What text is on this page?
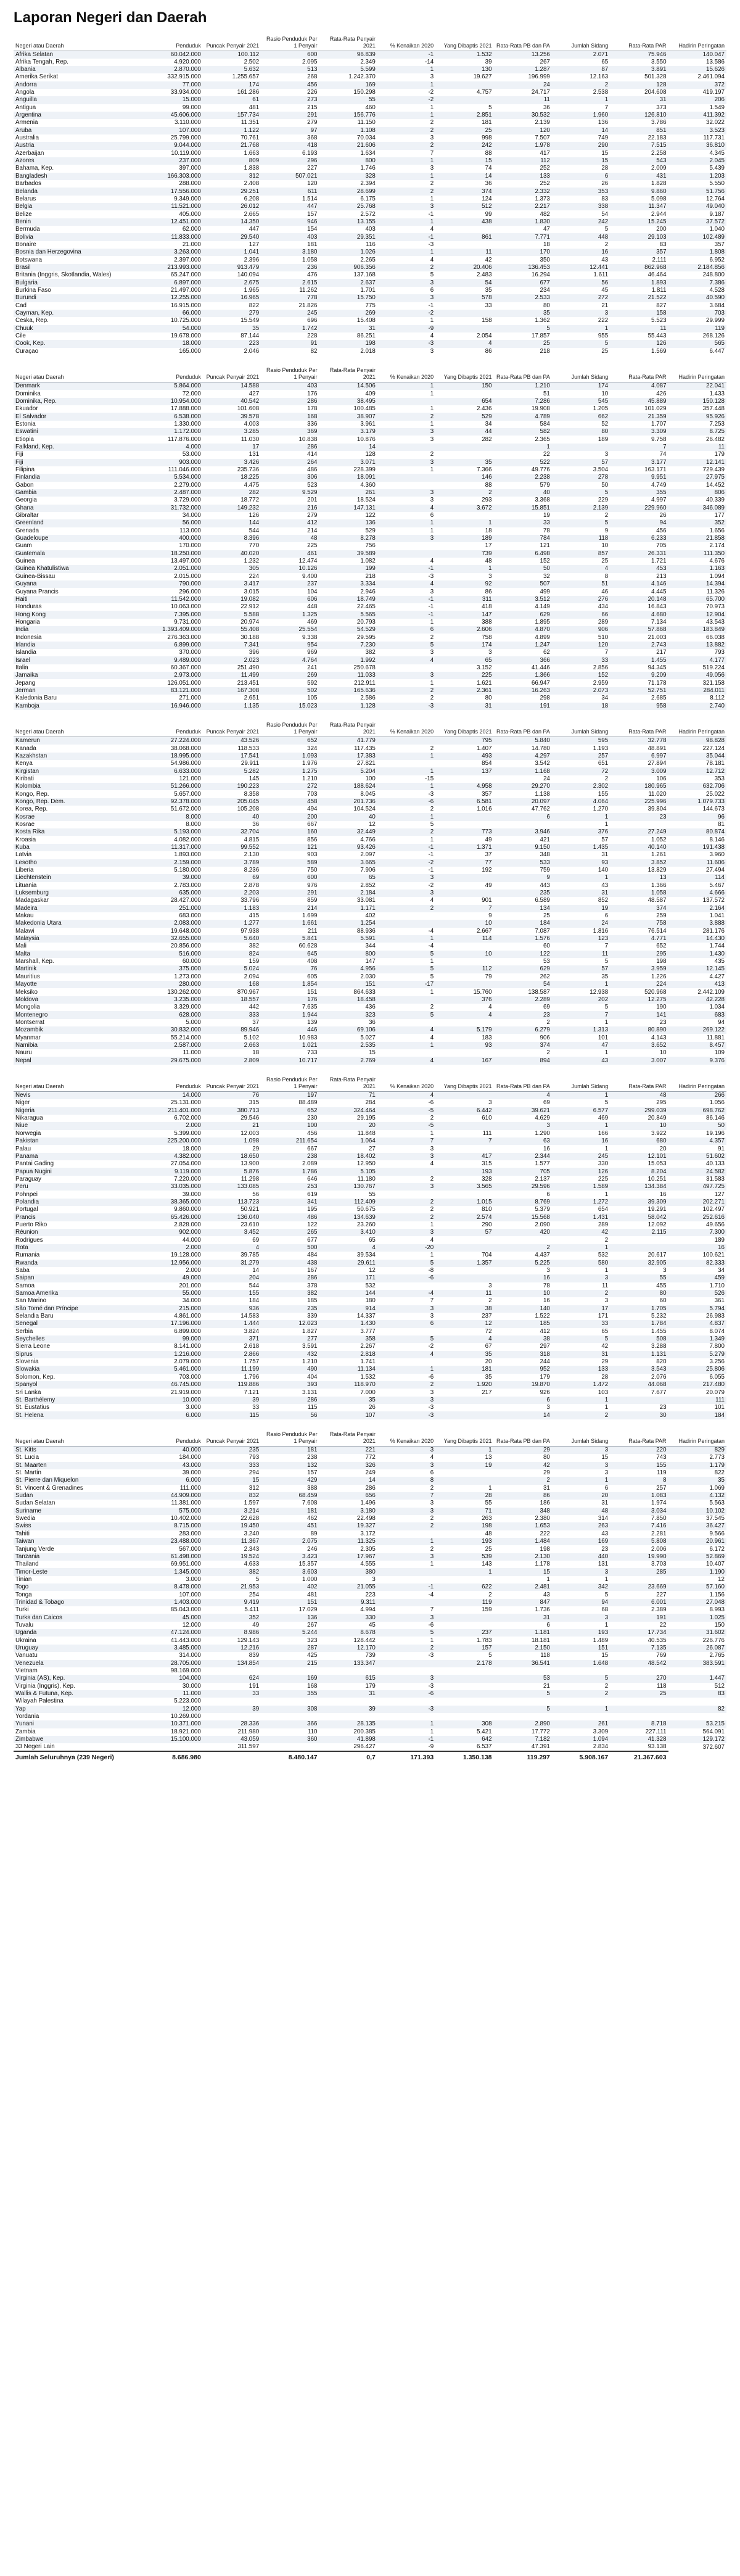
Laporan Negeri dan Daerah
Negeri atau Daerah	Penduduk	Puncak Penyair 2021	Rasio Penduduk Per 1 Penyair	Rata-Rata Penyair 2021	% Kenaikan 2020	Yang Dibaptis 2021	Rata-Rata PB dan PA	Jumlah Sidang	Rata-Rata PAR	Hadirin Peringatan
Afrika Selatan	60.042.000	100.112	600	96.839	-1	1.532	13.256	2.071	75.946	140.047
Afrika Tengah, Rep.	4.920.000	2.502	2.095	2.349	-14	39	267	65	3.550	13.586
Albania	2.870.000	5.632	513	5.599	1	130	1.287	87	3.891	15.626
Amerika Serikat	332.915.000	1.255.657	268	1.242.370	3	19.627	196.999	12.163	501.328	2.461.094
Andorra	77.000	174	456	169	1		24	2	128	372
Angola	33.934.000	161.286	226	150.298	-2	4.757	24.717	2.538	204.608	419.197
Anguilla	15.000	61	273	55	-2		11	1	31	206
Antigua	99.000	481	215	460	1	5	36	7	373	1.549
Argentina	45.606.000	157.734	291	156.776	1	2.851	30.532	1.960	126.810	411.392
Armenia	3.110.000	11.351	279	11.150	2	181	2.139	136	3.786	32.022
Aruba	107.000	1.122	97	1.108	2	25	120	14	851	3.523
Australia	25.799.000	70.761	368	70.034	3	998	7.507	749	22.183	117.731
Austria	9.044.000	21.768	418	21.606	2	242	1.978	290	7.515	36.810
Azerbaijan	10.119.000	1.663	6.193	1.634	7	88	417	15	2.258	4.345
Azores	237.000	809	296	800	1	15	112	15	543	2.045
Bahama, Kep.	397.000	1.838	227	1.746	3	74	252	28	2.009	5.439
Bangladesh	166.303.000	312	507.021	328	1	14	133	6	431	1.203
Barbados	288.000	2.408	120	2.394	2	36	252	26	1.828	5.550
Belanda	17.556.000	29.251	611	28.699	2	374	2.332	353	9.860	51.756
Belarus	9.349.000	6.208	1.514	6.175	1	124	1.373	83	5.098	12.764
Belgia	11.521.000	26.012	447	25.768	3	512	2.217	338	11.347	49.040
Belize	405.000	2.665	157	2.572	-1	99	482	54	2.944	9.187
Benin	12.451.000	14.350	946	13.155	1	438	1.830	242	15.245	37.572
Bermuda	62.000	447	154	403	4		47	5	200	1.040
Bolivia	11.833.000	29.540	403	29.351	-1	861	7.771	448	29.103	102.489
Bonaire	21.000	127	181	116	-3		18	2	83	357
Bosnia dan Herzegovina	3.263.000	1.041	3.180	1.026	1	11	170	16	357	1.808
Botswana	2.397.000	2.396	1.058	2.265	4	42	350	43	2.111	6.952
Brasil	213.993.000	913.479	236	906.356	2	20.406	136.453	12.441	862.968	2.184.856
Britania (Inggris, Skotlandia, Wales)	65.247.000	140.094	476	137.168	5	2.483	16.294	1.611	46.464	248.800
Bulgaria	6.897.000	2.675	2.615	2.637	3	54	677	56	1.893	7.386
Burkina Faso	21.497.000	1.965	11.262	1.701	6	35	234	45	1.811	4.528
Burundi	12.255.000	16.965	778	15.750	3	578	2.533	272	21.522	40.590
Cad	16.915.000	822	21.826	775	-1	33	80	21	827	3.684
Cayman, Kep.	66.000	279	245	269	-2		35	3	158	703
Ceska, Rep.	10.725.000	15.549	696	15.408	1	158	1.362	222	5.523	29.999
Chuuk	54.000	35	1.742	31	-9		5	1	11	119
Cile	19.678.000	87.144	228	86.251	4	2.054	17.857	955	55.443	268.126
Cook, Kep.	18.000	223	91	198	-3	4	25	5	126	565
Curaçao	165.000	2.046	82	2.018	3	86	218	25	1.569	6.447
Negeri atau Daerah	Penduduk	Puncak Penyair 2021	Rasio Penduduk Per 1 Penyair	Rata-Rata Penyair 2021	% Kenaikan 2020	Yang Dibaptis 2021	Rata-Rata PB dan PA	Jumlah Sidang	Rata-Rata PAR	Hadirin Peringatan
Denmark	5.864.000	14.588	403	14.506	1	150	1.210	174	4.087	22.041
Dominika	72.000	427	176	409	1		51	10	426	1.433
Dominika, Rep.	10.954.000	40.542	286	38.495		654	7.286	545	45.889	150.128
Ekuador	17.888.000	101.608	178	100.485	1	2.436	19.908	1.205	101.029	357.448
El Salvador	6.538.000	39.578	168	38.907	2	529	4.789	662	21.359	95.926
Estonia	1.330.000	4.003	336	3.961	1	34	584	52	1.707	7.253
Eswatini	1.172.000	3.285	369	3.179	3	44	582	80	3.309	8.725
Etiopia	117.876.000	11.030	10.838	10.876	3	282	2.365	189	9.758	26.482
Falkland, Kep.	4.000	17	286	14			1		7	11
Fiji	53.000	131	414	128	2		22	3	74	179
Fiji	903.000	3.426	264	3.071	3	35	522	57	3.177	12.141
Filipina	111.046.000	235.736	486	228.399	1	7.366	49.776	3.504	163.171	729.439
Finlandia	5.534.000	18.225	306	18.091		146	2.238	278	9.951	27.975
Gabon	2.279.000	4.475	523	4.360		88	579	50	4.749	14.452
Gambia	2.487.000	282	9.529	261	3	2	40	5	355	806
Georgia	3.729.000	18.772	201	18.524	3	293	3.368	229	4.997	40.339
Ghana	31.732.000	149.232	216	147.131	4	3.672	15.851	2.139	229.960	346.089
Gibraltar	34.000	126	279	122	6		19	2	26	177
Greenland	56.000	144	412	136	1	1	33	5	94	352
Grenada	113.000	544	214	529	1	18	78	9	456	1.656
Guadeloupe	400.000	8.396	48	8.278	3	189	784	118	6.233	21.858
Guam	170.000	770	225	756		17	121	10	705	2.174
Guatemala	18.250.000	40.020	461	39.589		739	6.498	857	26.331	111.350
Guinea	13.497.000	1.232	12.474	1.082	4	48	152	25	1.721	4.676
Guinea Khatulistiwa	2.051.000	305	10.126	199	-1	1	50	4	453	1.163
Guinea-Bissau	2.015.000	224	9.400	218	-3	3	32	8	213	1.094
Guyana	790.000	3.417	237	3.334	4	92	507	51	4.146	14.394
Guyana Prancis	296.000	3.015	104	2.946	3	86	499	46	4.445	11.326
Haiti	11.542.000	19.082	606	18.749	-1	311	3.512	276	20.148	65.700
Honduras	10.063.000	22.912	448	22.465	-1	418	4.149	434	16.843	70.973
Hong Kong	7.395.000	5.588	1.325	5.565	-1	147	629	66	4.680	12.904
Hongaria	9.731.000	20.974	469	20.793	1	388	1.895	289	7.134	43.543
India	1.393.409.000	55.408	25.554	54.529	6	2.606	4.870	906	57.868	183.849
Indonesia	276.363.000	30.188	9.338	29.595	2	758	4.899	510	21.003	66.038
Irlandia	6.899.000	7.341	954	7.230	5	174	1.247	120	2.743	13.882
Islandia	370.000	396	969	382	3	3	62	7	217	793
Israel	9.489.000	2.023	4.764	1.992	4	65	366	33	1.455	4.177
Italia	60.367.000	251.490	241	250.678		3.152	41.446	2.856	94.345	519.224
Jamaika	2.973.000	11.499	269	11.033	3	225	1.366	152	9.209	49.056
Jepang	126.051.000	213.451	592	212.911	1	1.621	66.947	2.959	71.178	321.158
Jerman	83.121.000	167.308	502	165.636	2	2.361	16.263	2.073	52.751	284.011
Kaledonia Baru	271.000	2.651	105	2.586	2	80	298	34	2.685	8.112
Kamboja	16.946.000	1.135	15.023	1.128	-3	31	191	18	958	2.740
Negeri atau Daerah	Penduduk	Puncak Penyair 2021	Rasio Penduduk Per 1 Penyair	Rata-Rata Penyair 2021	% Kenaikan 2020	Yang Dibaptis 2021	Rata-Rata PB dan PA	Jumlah Sidang	Rata-Rata PAR	Hadirin Peringatan
Kamerun	27.224.000	43.526	652	41.779		795	5.840	595	32.778	98.828
Kanada	38.068.000	118.533	324	117.435	2	1.407	14.780	1.193	48.891	227.124
Kazakhstan	18.995.000	17.541	1.093	17.383	1	493	4.297	257	6.997	35.044
Kenya	54.986.000	29.911	1.976	27.821		854	3.542	651	27.894	78.181
Kirgistan	6.633.000	5.282	1.275	5.204	1	137	1.168	72	3.009	12.712
Kiribati	121.000	145	1.210	100	-15		24	2	106	353
Kolombia	51.266.000	190.223	272	188.624	1	4.958	29.270	2.302	180.965	632.706
Kongo, Rep.	5.657.000	8.358	703	8.045	-3	357	1.138	155	11.020	25.022
Kongo, Rep. Dem.	92.378.000	205.045	458	201.736	-6	6.581	20.097	4.064	225.996	1.079.733
Korea, Rep.	51.672.000	105.208	494	104.524	2	1.016	47.762	1.270	39.804	144.673
Kosrae	8.000	40	200	40	1		6	1	23	96
Kosrae	8.000	36	667	12	5			1		81
Kosta Rika	5.193.000	32.704	160	32.449	2	773	3.946	376	27.249	80.874
Kroasia	4.082.000	4.815	856	4.766	1	49	421	57	1.052	8.146
Kuba	11.317.000	99.552	121	93.426	-1	1.371	9.150	1.435	40.140	191.438
Latvia	1.893.000	2.130	903	2.097	-1	37	348	31	1.261	3.960
Lesotho	2.159.000	3.789	589	3.665	-2	77	533	93	3.852	11.606
Liberia	5.180.000	8.236	750	7.906	-1	192	759	140	13.829	27.494
Liechtenstein	39.000	69	600	65	3		9	1	13	114
Lituania	2.783.000	2.878	976	2.852	-2	49	443	43	1.366	5.467
Luksemburg	635.000	2.203	291	2.184	3		235	31	1.058	4.666
Madagaskar	28.427.000	33.796	859	33.081	4	901	6.589	852	48.587	137.572
Madeira	251.000	1.183	214	1.171	2	7	134	19	374	2.164
Makau	683.000	415	1.699	402		9	25	6	259	1.041
Makedonia Utara	2.083.000	1.277	1.661	1.254		10	184	24	758	3.888
Malawi	19.648.000	97.938	211	88.936	-4	2.667	7.087	1.816	76.514	281.176
Malaysia	32.655.000	5.640	5.841	5.591	1	114	1.576	123	4.771	14.430
Mali	20.856.000	382	60.628	344	-4		60	7	652	1.744
Malta	516.000	824	645	800	5	10	122	11	295	1.430
Marshall, Kep.	60.000	159	408	147	1		53	5	198	435
Martinik	375.000	5.024	76	4.956	5	112	629	57	3.959	12.145
Mauritius	1.273.000	2.094	605	2.030	5	79	262	35	1.226	4.427
Mayotte	280.000	168	1.854	151	-17		54	1	224	413
Meksiko	130.262.000	870.967	151	864.633	1	15.760	138.587	12.938	520.968	2.442.109
Moldova	3.235.000	18.557	176	18.458		376	2.289	202	12.275	42.228
Mongolia	3.329.000	442	7.635	436	2	4	69	5	190	1.034
Montenegro	628.000	333	1.944	323	5	4	23	7	141	683
Montserrat	5.000	37	139	36			2	1	23	94
Mozambik	30.832.000	89.946	446	69.106	4	5.179	6.279	1.313	80.890	269.122
Myanmar	55.214.000	5.102	10.983	5.027	4	183	906	101	4.143	11.881
Namibia	2.587.000	2.663	1.021	2.535	1	93	374	47	3.652	8.457
Nauru	11.000	18	733	15			2	1	10	109
Nepal	29.675.000	2.809	10.717	2.769	4	167	894	43	3.007	9.376
Negeri atau Daerah	Penduduk	Puncak Penyair 2021	Rasio Penduduk Per 1 Penyair	Rata-Rata Penyair 2021	% Kenaikan 2020	Yang Dibaptis 2021	Rata-Rata PB dan PA	Jumlah Sidang	Rata-Rata PAR	Hadirin Peringatan
Nevis	14.000	76	197	71	4		4	1	48	266
Niger	25.131.000	315	88.489	284	-6	3	69	5	295	1.056
Nigeria	211.401.000	380.713	652	324.464	-5	6.442	39.621	6.577	299.039	698.762
Nikaragua	6.702.000	29.546	230	29.195	2	610	4.629	469	20.849	86.146
Niue	2.000	21	100	20	-5		3	1	10	50
Norwegia	5.399.000	12.003	456	11.848	1	111	1.290	166	3.922	19.196
Pakistan	225.200.000	1.098	211.654	1.064	7	7	63	16	680	4.357
Palau	18.000	29	667	27	3		16	1	20	91
Panama	4.382.000	18.650	238	18.402	3	417	2.344	245	12.101	51.602
Pantai Gading	27.054.000	13.900	2.089	12.950	4	315	1.577	330	15.053	40.133
Papua Nugini	9.119.000	5.876	1.786	5.105		193	705	126	8.204	24.582
Paraguay	7.220.000	11.298	646	11.180	2	328	2.137	225	10.251	31.583
Peru	33.035.000	133.085	253	130.767	3	3.565	29.596	1.589	134.384	497.725
Pohnpei	39.000	56	619	55			6	1	16	127
Polandia	38.365.000	113.723	341	112.409	2	1.015	8.769	1.272	39.309	202.271
Portugal	9.860.000	50.921	195	50.675	2	810	5.379	654	19.291	102.497
Prancis	65.426.000	136.040	486	134.639	2	2.574	15.568	1.431	58.042	252.616
Puerto Riko	2.828.000	23.610	122	23.260	1	290	2.090	289	12.092	49.656
Réunion	902.000	3.452	265	3.410	3	57	420	42	2.115	7.300
Rodrigues	44.000	69	677	65	4			2		189
Rota	2.000	4	500	4	-20		2	1		16
Rumania	19.128.000	39.785	484	39.534	1	704	4.437	532	20.617	100.621
Rwanda	12.956.000	31.279	438	29.611	5	1.357	5.225	580	32.905	82.333
Saba	2.000	14	167	12	-8		3	1	3	34
Saipan	49.000	204	286	171	-6		16	3	55	459
Samoa	201.000	544	378	532		3	78	11	455	1.710
Samoa Amerika	55.000	155	382	144	-4	11	10	2	80	526
San Marino	34.000	184	185	180	7	2	16	3	60	361
São Tomé dan Príncipe	215.000	936	235	914	3	38	140	17	1.705	5.794
Selandia Baru	4.861.000	14.583	339	14.337	3	237	1.522	171	5.232	26.983
Senegal	17.196.000	1.444	12.023	1.430	6	12	185	33	1.784	4.837
Serbia	6.899.000	3.824	1.827	3.777		72	412	65	1.455	8.074
Seychelles	99.000	371	277	358	5	4	38	5	508	1.349
Sierra Leone	8.141.000	2.618	3.591	2.267	-2	67	297	42	3.288	7.800
Siprus	1.216.000	2.866	432	2.818	4	35	318	31	1.131	5.279
Slovenia	2.079.000	1.757	1.210	1.741		20	244	29	820	3.256
Slowakia	5.461.000	11.199	490	11.134	1	181	952	133	3.543	25.806
Solomon, Kep.	703.000	1.796	404	1.532	-6	35	179	28	2.076	6.055
Spanyol	46.745.000	119.886	393	118.970	2	1.920	19.870	1.472	44.068	217.480
Sri Lanka	21.919.000	7.121	3.131	7.000	3	217	926	103	7.677	20.079
St. Barthélemy	10.000	39	286	35	3		6	1		111
St. Eustatius	3.000	33	115	26	-3		3	1	23	101
St. Helena	6.000	115	56	107	-3		14	2	30	184
Negeri atau Daerah	Penduduk	Puncak Penyair 2021	Rasio Penduduk Per 1 Penyair	Rata-Rata Penyair 2021	% Kenaikan 2020	Yang Dibaptis 2021	Rata-Rata PB dan PA	Jumlah Sidang	Rata-Rata PAR	Hadirin Peringatan
St. Kitts	40.000	235	181	221	3	1	29	3	220	829
St. Lucia	184.000	793	238	772	4	13	80	15	743	2.773
St. Maarten	43.000	333	132	326	3	19	42	3	155	1.179
St. Martin	39.000	294	157	249	6		29	3	119	822
St. Pierre dan Miquelon	6.000	15	429	14	8		2	1	8	35
St. Vincent & Grenadines	111.000	312	388	286	2	1	31	6	257	1.069
Sudan	44.909.000	832	68.459	656	7	28	86	20	1.083	4.132
Sudan Selatan	11.381.000	1.597	7.608	1.496	3	55	186	31	1.974	5.563
Suriname	575.000	3.214	181	3.180	3	71	348	48	3.034	10.102
Swedia	10.402.000	22.628	462	22.498	2	263	2.380	314	7.850	37.545
Swiss	8.715.000	19.450	451	19.327	2	198	1.653	263	7.416	36.427
Tahiti	283.000	3.240	89	3.172		48	222	43	2.281	9.566
Taiwan	23.488.000	11.367	2.075	11.325	1	193	1.484	169	5.808	20.961
Tanjung Verde	567.000	2.343	246	2.305	2	25	198	23	2.006	6.172
Tanzania	61.498.000	19.524	3.423	17.967	3	539	2.130	440	19.990	52.869
Thailand	69.951.000	4.633	15.357	4.555	1	143	1.178	131	3.703	10.407
Timor-Leste	1.345.000	382	3.603	380		1	15	3	285	1.190
Tinian	3.000	5	1.000	3			1	1		12
Togo	8.478.000	21.953	402	21.055	-1	622	2.481	342	23.669	57.160
Tonga	107.000	254	481	223	-4	2	43	5	227	1.156
Trinidad & Tobago	1.403.000	9.419	151	9.311		119	847	94	6.001	27.048
Turki	85.043.000	5.411	17.029	4.994	7	159	1.736	68	2.389	8.993
Turks dan Caicos	45.000	352	136	330	3		31	3	191	1.025
Tuvalu	12.000	49	267	45	-6		6	1	22	150
Uganda	47.124.000	8.986	5.244	8.678	5	237	1.181	193	17.734	31.602
Ukraina	41.443.000	129.143	323	128.442	1	1.783	18.181	1.489	40.535	226.776
Uruguay	3.485.000	12.216	287	12.170	2	157	2.150	151	7.135	26.087
Vanuatu	314.000	839	425	739	-3	5	118	15	769	2.765
Venezuela	28.705.000	134.854	215	133.347		2.178	36.541	1.648	48.542	383.591
Vietnam	98.169.000									
Virginia (AS), Kep.	104.000	624	169	615	3		53	5	270	1.447
Virginia (Inggris), Kep.	30.000	191	168	179	-3		21	2	118	512
Wallis & Futuna, Kep.	11.000	33	355	31	-6		5	2	25	83
Wilayah Palestina	5.223.000									
Yap	12.000	39	308	39	-3		5	1		82
Yordania	10.269.000									
Yunani	10.371.000	28.336	366	28.135	1	308	2.890	261	8.718	53.215
Zambia	18.921.000	211.980	110	200.385	1	5.421	17.772	3.309	227.111	564.091
Zimbabwe	15.100.000	43.059	360	41.898	-1	642	7.182	1.094	41.328	129.172
33 Negeri Lain		311.597		296.427	-9	6.537	47.391	2.834	93.138	372.607
Jumlah Seluruhnya (239 Negeri)	8.686.980		8.480.147	0,7	171.393	1.350.138	119.297	5.908.167	21.367.603	
